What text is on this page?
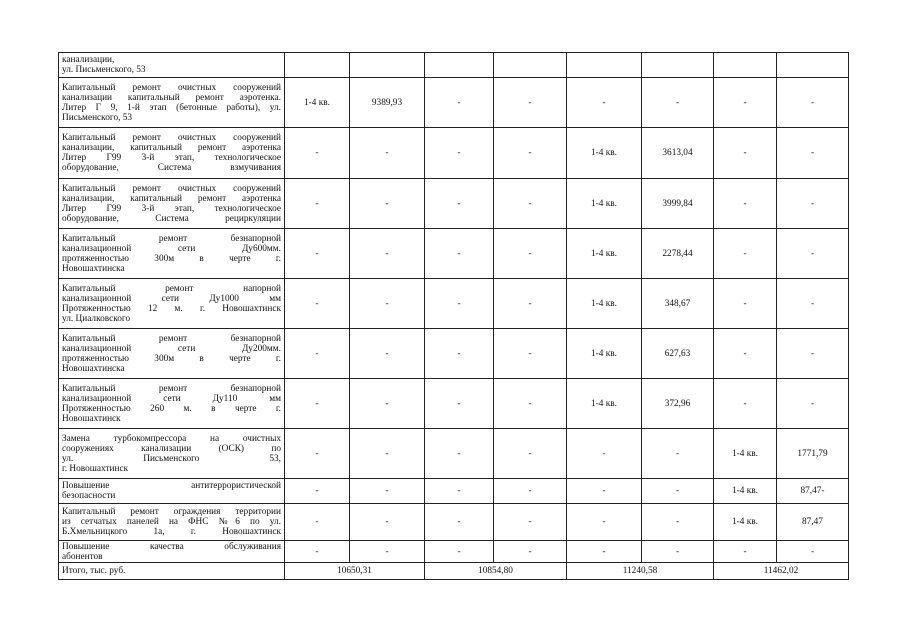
канализации,
ул. Письменского, 53								

Капитальный ремонт очистных сооружений
канализации капитальный ремонт аэротенка.
Литер Г 9, 1-й этап (бетонные работы), ул.
Письменского, 53	1-4 кв.	9389,93	-	-	-	-	-	-

Капитальный ремонт очистных сооружений
канализации, капитальный ремонт аэротенка
Литер Г99 3-й этап, технологическое
оборудование, Система взмучивания	-	-	-	-	1-4 кв.	3613,04	-	-

Капитальный ремонт очистных сооружений
канализации, капитальный ремонт аэротенка
Литер Г99 3-й этап, технологическое
оборудование, Система рециркуляции	-	-	-	-	1-4 кв.	3999,84	-	-

Капитальный ремонт безнапорной
канализационной сети Ду600мм.
протяженностью 300м в черте г.
Новошахтинска	-	-	-	-	1-4 кв.	2278,44	-	-

Капитальный ремонт напорной
канализационной сети Ду1000 мм
Протяженностью 12 м. г. Новошахтинск
ул. Циалковского	-	-	-	-	1-4 кв.	348,67	-	-

Капитальный ремонт безнапорной
канализационной сети Ду200мм.
протяженностью 300м в черте г.
Новошахтинска	-	-	-	-	1-4 кв.	627,63	-	-

Капитальный ремонт безнапорной
канализационной сети Ду110 мм
Протяженностью 260 м. в черте г.
Новошахтинск	-	-	-	-	1-4 кв.	372,96	-	-

Замена турбокомпрессора на очистных
сооружениях канализации (ОСК) по
ул. Письменского 53,
г. Новошахтинск	-	-	-	-	-	-	1-4 кв.	1771,79

Повышение антитеррористической
безопасности	-	-	-	-	-	-	1-4 кв.	87,47-

Капитальный ремонт ограждения территории
из сетчатых панелей на ФНС №6 по ул.
Б.Хмельницкого 1а, г. Новошахтинск	-	-	-	-	-	-	1-4 кв.	87,47

Повышение качества обслуживания
абонентов	-	-	-	-	-	-	-	-
Итого, тыс. руб.	10650,31		10854,80		11240,58		11462,02	
